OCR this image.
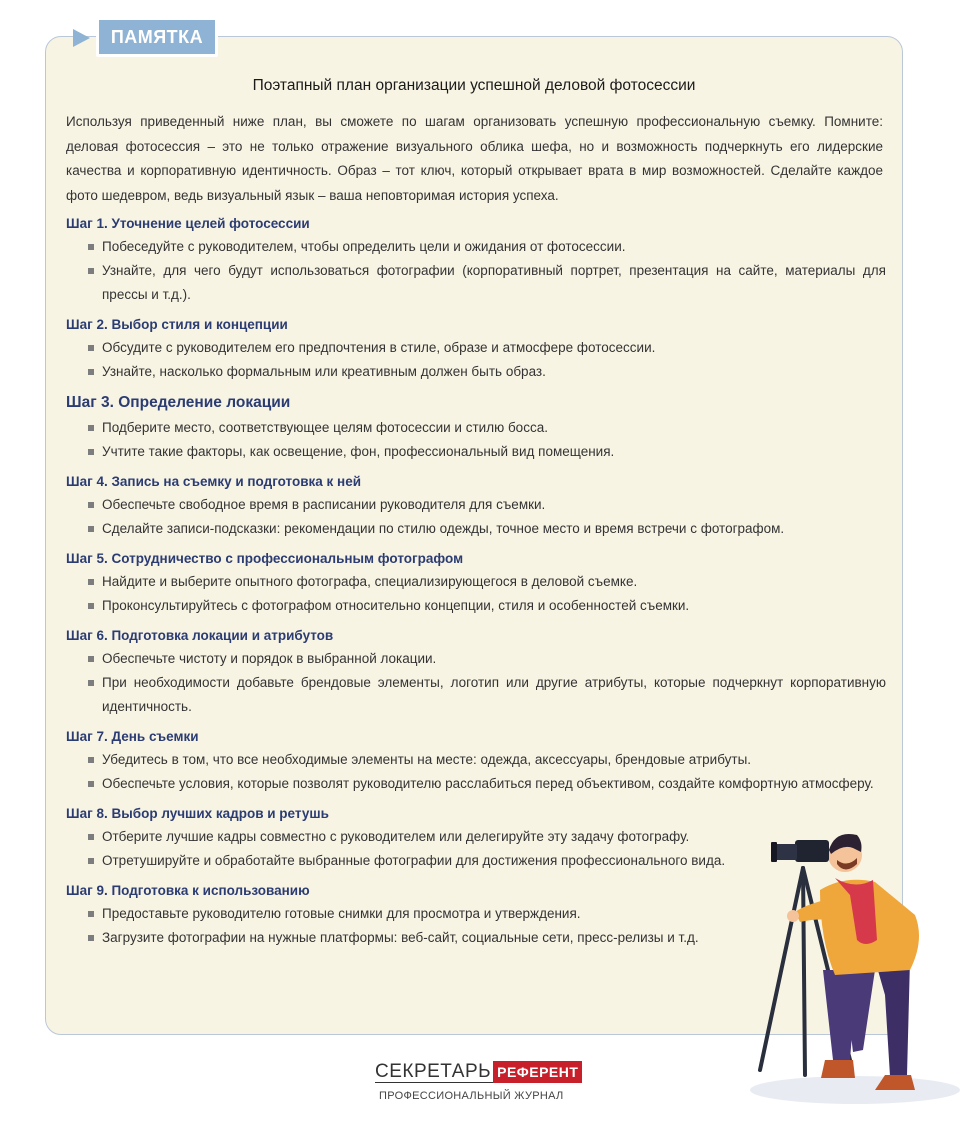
ПАМЯТКА
Поэтапный план организации успешной деловой фотосессии

Используя приведенный ниже план, вы сможете по шагам организовать успешную профессиональную съемку. Помните: деловая фотосессия – это не только отражение визуального облика шефа, но и возможность подчеркнуть его лидерские качества и корпоративную идентичность. Образ – тот ключ, который открывает врата в мир возможностей. Сделайте каждое фото шедевром, ведь визуальный язык – ваша неповторимая история успеха.

Шаг 1. Уточнение целей фотосессии
Побеседуйте с руководителем, чтобы определить цели и ожидания от фотосессии.
Узнайте, для чего будут использоваться фотографии (корпоративный портрет, презентация на сайте, материалы для прессы и т.д.).
Шаг 2. Выбор стиля и концепции
Обсудите с руководителем его предпочтения в стиле, образе и атмосфере фотосессии.
Узнайте, насколько формальным или креативным должен быть образ.
Шаг 3. Определение локации
Подберите место, соответствующее целям фотосессии и стилю босса.
Учтите такие факторы, как освещение, фон, профессиональный вид помещения.
Шаг 4. Запись на съемку и подготовка к ней
Обеспечьте свободное время в расписании руководителя для съемки.
Сделайте записи-подсказки: рекомендации по стилю одежды, точное место и время встречи с фотографом.
Шаг 5. Сотрудничество с профессиональным фотографом
Найдите и выберите опытного фотографа, специализирующегося в деловой съемке.
Проконсультируйтесь с фотографом относительно концепции, стиля и особенностей съемки.
Шаг 6. Подготовка локации и атрибутов
Обеспечьте чистоту и порядок в выбранной локации.
При необходимости добавьте брендовые элементы, логотип или другие атрибуты, которые подчеркнут корпоративную идентичность.
Шаг 7. День съемки
Убедитесь в том, что все необходимые элементы на месте: одежда, аксессуары, брендовые атрибуты.
Обеспечьте условия, которые позволят руководителю расслабиться перед объективом, создайте комфортную атмосферу.
Шаг 8. Выбор лучших кадров и ретушь
Отберите лучшие кадры совместно с руководителем или делегируйте эту задачу фотографу.
Отретушируйте и обработайте выбранные фотографии для достижения профессионального вида.
Шаг 9. Подготовка к использованию
Предоставьте руководителю готовые снимки для просмотра и утверждения.
Загрузите фотографии на нужные платформы: веб-сайт, социальные сети, пресс-релизы и т.д.
СЕКРЕТАРЬ РЕФЕРЕНТ
ПРОФЕССИОНАЛЬНЫЙ ЖУРНАЛ
